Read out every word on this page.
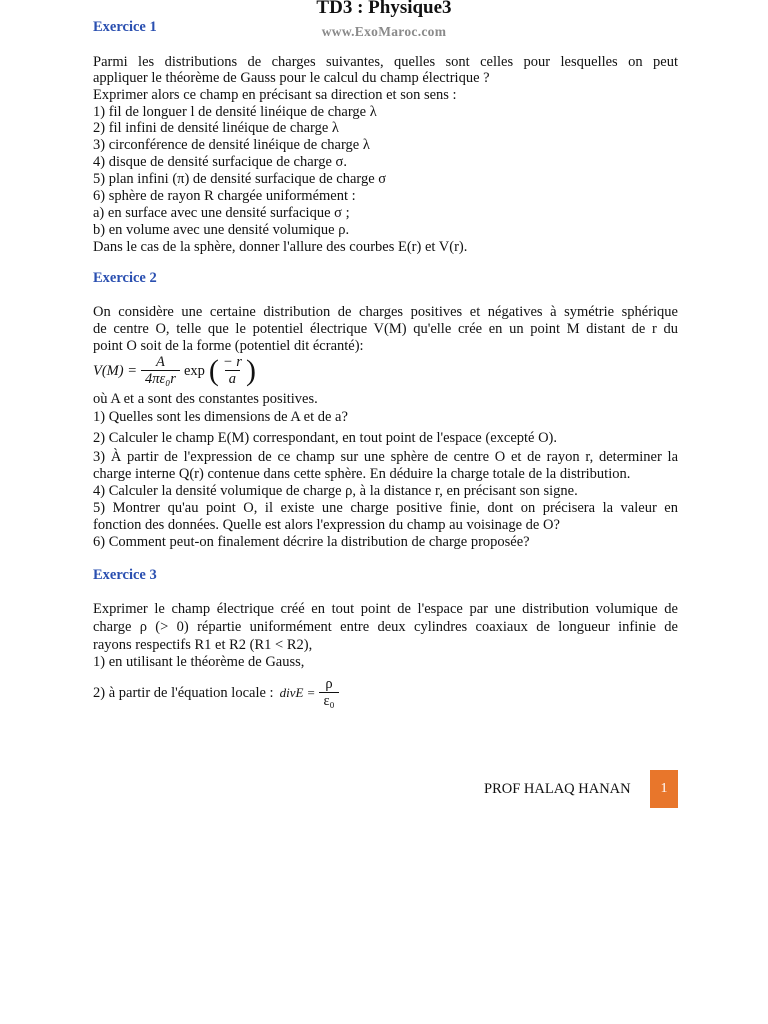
TD3 : Physique3
www.ExoMaroc.com
Exercice 1
Parmi les distributions de charges suivantes, quelles sont celles pour lesquelles on peut
appliquer le théorème de Gauss pour le calcul du champ électrique ?
Exprimer alors ce champ en précisant sa direction et son sens :
1) fil de longuer l de densité linéique de charge λ
2) fil infini de densité linéique de charge λ
3) circonférence de densité linéique de charge λ
4) disque de densité surfacique de charge σ.
5) plan infini (π) de densité surfacique de charge σ
6) sphère de rayon R chargée uniformément :
a) en surface avec une densité surfacique σ ;
b) en volume avec une densité volumique ρ.
Dans le cas de la sphère, donner l'allure des courbes E(r) et V(r).
Exercice 2
On considère une certaine distribution de charges positives et négatives à symétrie sphérique
de centre O, telle que le potentiel électrique V(M) qu'elle crée en un point M distant de r du
point O soit de la forme (potentiel dit écranté):
$V(M) = \frac{A}{\text{4πε₀r}}$ exp ( $\frac{- r}{a}$ )
où A et a sont des constantes positives.
1) Quelles sont les dimensions de A et de a?
2) Calculer le champ E(M) correspondant, en tout point de l'espace (excepté O).
3) À partir de l'expression de ce champ sur une sphère de centre O et de rayon r, determiner la
charge interne Q(r) contenue dans cette sphère. En déduire la charge totale de la distribution.
4) Calculer la densité volumique de charge ρ, à la distance r, en précisant son signe.
5) Montrer qu'au point O, il existe une charge positive finie, dont on précisera la valeur en
fonction des données. Quelle est alors l'expression du champ au voisinage de O?
6) Comment peut-on finalement décrire la distribution de charge proposée?
Exercice 3
Exprimer le champ électrique créé en tout point de l'espace par une distribution volumique de
charge ρ (> 0) répartie uniformément entre deux cylindres coaxiaux de longueur infinie de
rayons respectifs R1 et R2 (R1 < R2),
1) en utilisant le théorème de Gauss,
2) à partir de l'équation locale : divE = $\frac{\rho}{\text{ε₀}}$
PROF HALAQ HANAN	1
